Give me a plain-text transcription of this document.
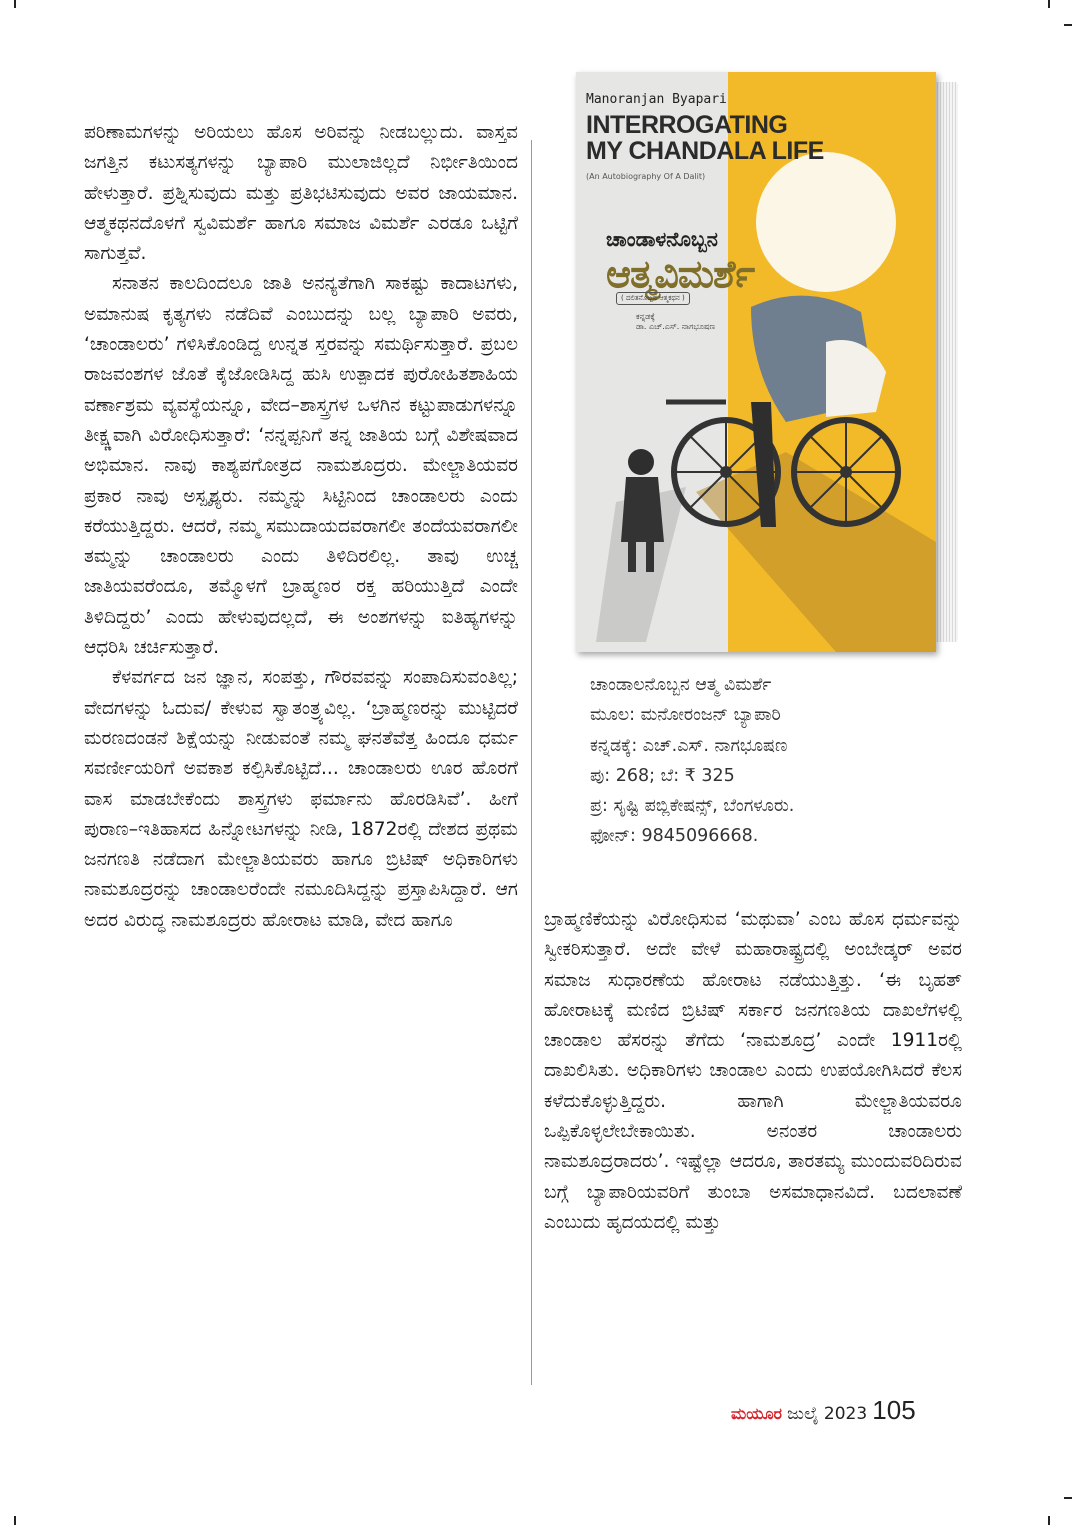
ಪರಿಣಾಮಗಳನ್ನು ಅರಿಯಲು ಹೊಸ ಅರಿವನ್ನು ನೀಡಬಲ್ಲುದು. ವಾಸ್ತವ ಜಗತ್ತಿನ ಕಟುಸತ್ಯಗಳನ್ನು ಬ್ಯಾಪಾರಿ ಮುಲಾಜಿಲ್ಲದೆ ನಿರ್ಭೀತಿಯಿಂದ ಹೇಳುತ್ತಾರೆ. ಪ್ರಶ್ನಿಸುವುದು ಮತ್ತು ಪ್ರತಿಭಟಿಸುವುದು ಅವರ ಜಾಯಮಾನ. ಆತ್ಮಕಥನದೊಳಗೆ ಸ್ವವಿಮರ್ಶೆ ಹಾಗೂ ಸಮಾಜ ವಿಮರ್ಶೆ ಎರಡೂ ಒಟ್ಟಿಗೆ ಸಾಗುತ್ತವೆ.

ಸನಾತನ ಕಾಲದಿಂದಲೂ ಜಾತಿ ಅನನ್ಯತೆಗಾಗಿ ಸಾಕಷ್ಟು ಕಾದಾಟಗಳು, ಅಮಾನುಷ ಕೃತ್ಯಗಳು ನಡೆದಿವೆ ಎಂಬುದನ್ನು ಬಲ್ಲ ಬ್ಯಾಪಾರಿ ಅವರು, ‘ಚಾಂಡಾಲರು’ ಗಳಿಸಿಕೊಂಡಿದ್ದ ಉನ್ನತ ಸ್ತರವನ್ನು ಸಮರ್ಥಿಸುತ್ತಾರೆ. ಪ್ರಬಲ ರಾಜವಂಶಗಳ ಜೊತೆ ಕೈಜೋಡಿಸಿದ್ದ ಹುಸಿ ಉತ್ಪಾದಕ ಪುರೋಹಿತಶಾಹಿಯ ವರ್ಣಾಶ್ರಮ ವ್ಯವಸ್ಥೆಯನ್ನೂ, ವೇದ–ಶಾಸ್ತ್ರಗಳ ಒಳಗಿನ ಕಟ್ಟುಪಾಡುಗಳನ್ನೂ ತೀಕ್ಷ್ಣವಾಗಿ ವಿರೋಧಿಸುತ್ತಾರೆ: ‘ನನ್ನಪ್ಪನಿಗೆ ತನ್ನ ಜಾತಿಯ ಬಗ್ಗೆ ವಿಶೇಷವಾದ ಅಭಿಮಾನ. ನಾವು ಕಾಶ್ಯಪಗೋತ್ರದ ನಾಮಶೂದ್ರರು. ಮೇಲ್ಜಾತಿಯವರ ಪ್ರಕಾರ ನಾವು ಅಸ್ಪೃಶ್ಯರು. ನಮ್ಮನ್ನು ಸಿಟ್ಟಿನಿಂದ ಚಾಂಡಾಲರು ಎಂದು ಕರೆಯುತ್ತಿದ್ದರು. ಆದರೆ, ನಮ್ಮ ಸಮುದಾಯದವರಾಗಲೀ ತಂದೆಯವರಾಗಲೀ ತಮ್ಮನ್ನು ಚಾಂಡಾಲರು ಎಂದು ತಿಳಿದಿರಲಿಲ್ಲ. ತಾವು ಉಚ್ಚ ಜಾತಿಯವರೆಂದೂ, ತಮ್ಮೊಳಗೆ ಬ್ರಾಹ್ಮಣರ ರಕ್ತ ಹರಿಯುತ್ತಿದೆ ಎಂದೇ ತಿಳಿದಿದ್ದರು’ ಎಂದು ಹೇಳುವುದಲ್ಲದೆ, ಈ ಅಂಶಗಳನ್ನು ಐತಿಹ್ಯಗಳನ್ನು ಆಧರಿಸಿ ಚರ್ಚಿಸುತ್ತಾರೆ.

ಕೆಳವರ್ಗದ ಜನ ಜ್ಞಾನ, ಸಂಪತ್ತು, ಗೌರವವನ್ನು ಸಂಪಾದಿಸುವಂತಿಲ್ಲ; ವೇದಗಳನ್ನು ಓದುವ/ ಕೇಳುವ ಸ್ವಾತಂತ್ರ್ಯವಿಲ್ಲ. ‘ಬ್ರಾಹ್ಮಣರನ್ನು ಮುಟ್ಟಿದರೆ ಮರಣದಂಡನೆ ಶಿಕ್ಷೆಯನ್ನು ನೀಡುವಂತೆ ನಮ್ಮ ಘನತೆವೆತ್ತ ಹಿಂದೂ ಧರ್ಮ ಸವರ್ಣೀಯರಿಗೆ ಅವಕಾಶ ಕಲ್ಪಿಸಿಕೊಟ್ಟಿದೆ... ಚಾಂಡಾಲರು ಊರ ಹೊರಗೆ ವಾಸ ಮಾಡಬೇಕೆಂದು ಶಾಸ್ತ್ರಗಳು ಫರ್ಮಾನು ಹೊರಡಿಸಿವೆ’. ಹೀಗೆ ಪುರಾಣ–ಇತಿಹಾಸದ ಹಿನ್ನೋಟಗಳನ್ನು ನೀಡಿ, 1872ರಲ್ಲಿ ದೇಶದ ಪ್ರಥಮ ಜನಗಣತಿ ನಡೆದಾಗ ಮೇಲ್ಜಾತಿಯವರು ಹಾಗೂ ಬ್ರಿಟಿಷ್ ಅಧಿಕಾರಿಗಳು ನಾಮಶೂದ್ರರನ್ನು ಚಾಂಡಾಲರೆಂದೇ ನಮೂದಿಸಿದ್ದನ್ನು ಪ್ರಸ್ತಾಪಿಸಿದ್ದಾರೆ. ಆಗ ಅದರ ವಿರುದ್ಧ ನಾಮಶೂದ್ರರು ಹೋರಾಟ ಮಾಡಿ, ವೇದ ಹಾಗೂ

Manoranjan Byapari
INTERROGATING
MY CHANDALA LIFE
(An Autobiography Of A Dalit)
ಚಾಂಡಾಳನೊಬ್ಬನ
ಆತ್ಮವಿಮರ್ಶೆ
( ದಲಿತನೊಬ್ಬನ ಆತ್ಮಕಥನ )
ಕನ್ನಡಕ್ಕೆ
ಡಾ. ಎಚ್.ಎಸ್. ನಾಗಭೂಷಣ
ಚಾಂಡಾಲನೊಬ್ಬನ ಆತ್ಮ ವಿಮರ್ಶೆ
ಮೂಲ: ಮನೋರಂಜನ್ ಬ್ಯಾಪಾರಿ
ಕನ್ನಡಕ್ಕೆ: ಎಚ್.ಎಸ್. ನಾಗಭೂಷಣ
ಪು: 268; ಬೆ: ₹ 325
ಪ್ರ: ಸೃಷ್ಟಿ ಪಬ್ಲಿಕೇಷನ್ಸ್, ಬೆಂಗಳೂರು.
ಫೋನ್: 9845096668.

ಬ್ರಾಹ್ಮಣಿಕೆಯನ್ನು ವಿರೋಧಿಸುವ ‘ಮಥುವಾ’ ಎಂಬ ಹೊಸ ಧರ್ಮವನ್ನು ಸ್ವೀಕರಿಸುತ್ತಾರೆ. ಅದೇ ವೇಳೆ ಮಹಾರಾಷ್ಟ್ರದಲ್ಲಿ ಅಂಬೇಡ್ಕರ್ ಅವರ ಸಮಾಜ ಸುಧಾರಣೆಯ ಹೋರಾಟ ನಡೆಯುತ್ತಿತ್ತು. ‘ಈ ಬೃಹತ್ ಹೋರಾಟಕ್ಕೆ ಮಣಿದ ಬ್ರಿಟಿಷ್ ಸರ್ಕಾರ ಜನಗಣತಿಯ ದಾಖಲೆಗಳಲ್ಲಿ ಚಾಂಡಾಲ ಹೆಸರನ್ನು ತೆಗೆದು ‘ನಾಮಶೂದ್ರ’ ಎಂದೇ 1911ರಲ್ಲಿ ದಾಖಲಿಸಿತು. ಅಧಿಕಾರಿಗಳು ಚಾಂಡಾಲ ಎಂದು ಉಪಯೋಗಿಸಿದರೆ ಕೆಲಸ ಕಳೆದುಕೊಳ್ಳುತ್ತಿದ್ದರು. ಹಾಗಾಗಿ ಮೇಲ್ಜಾತಿಯವರೂ ಒಪ್ಪಿಕೊಳ್ಳಲೇಬೇಕಾಯಿತು. ಅನಂತರ ಚಾಂಡಾಲರು ನಾಮಶೂದ್ರರಾದರು’. ಇಷ್ಟೆಲ್ಲಾ ಆದರೂ, ತಾರತಮ್ಯ ಮುಂದುವರಿದಿರುವ ಬಗ್ಗೆ ಬ್ಯಾಪಾರಿಯವರಿಗೆ ತುಂಬಾ ಅಸಮಾಧಾನವಿದೆ. ಬದಲಾವಣೆ ಎಂಬುದು ಹೃದಯದಲ್ಲಿ ಮತ್ತು

ಮಯೂರ ಜುಲೈ 2023 105
